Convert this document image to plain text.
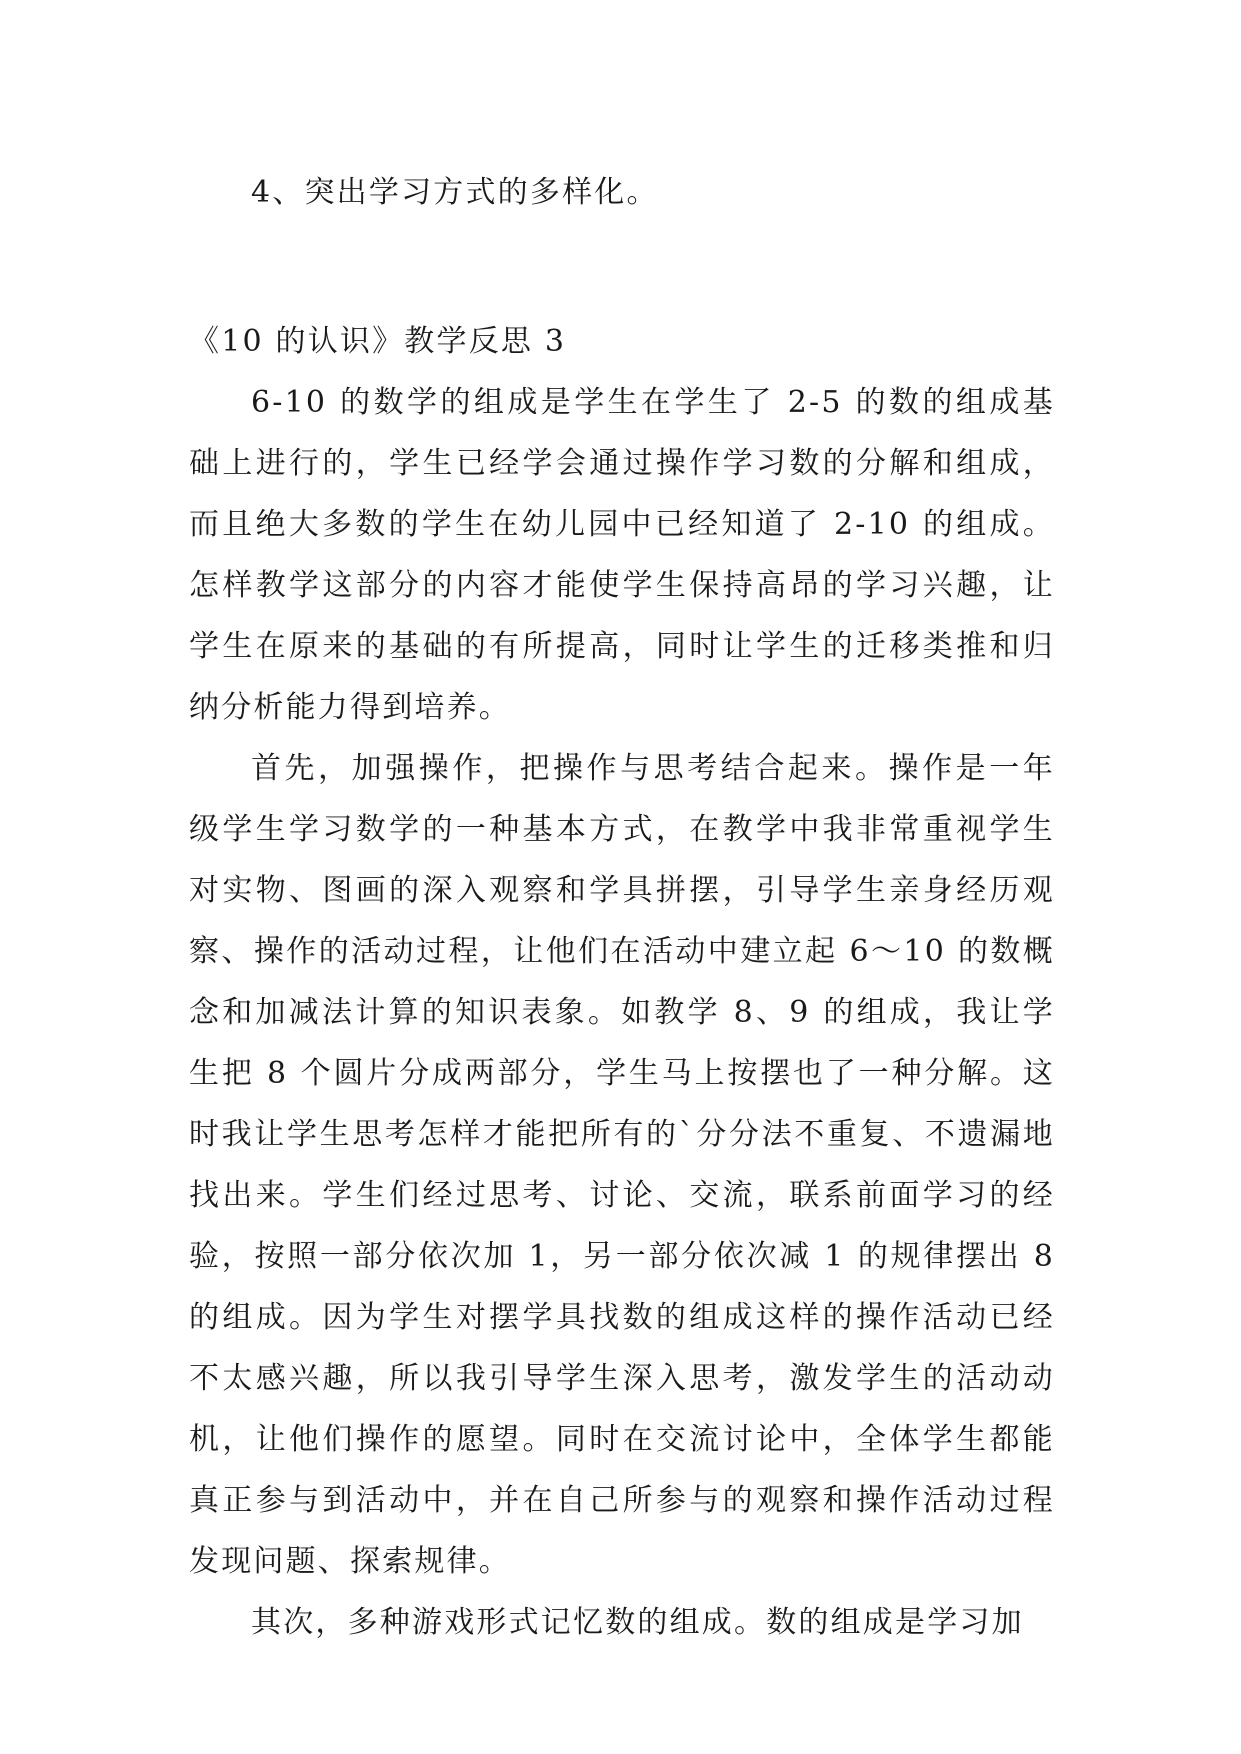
4、突出学习方式的多样化。

《10 的认识》教学反思 3

6-10 的数学的组成是学生在学生了 2-5 的数的组成基础上进行的，学生已经学会通过操作学习数的分解和组成，而且绝大多数的学生在幼儿园中已经知道了 2-10 的组成。怎样教学这部分的内容才能使学生保持高昂的学习兴趣，让学生在原来的基础的有所提高，同时让学生的迁移类推和归纳分析能力得到培养。

首先，加强操作，把操作与思考结合起来。操作是一年级学生学习数学的一种基本方式，在教学中我非常重视学生对实物、图画的深入观察和学具拼摆，引导学生亲身经历观察、操作的活动过程，让他们在活动中建立起 6～10 的数概念和加减法计算的知识表象。如教学 8、9 的组成，我让学生把 8 个圆片分成两部分，学生马上按摆也了一种分解。这时我让学生思考怎样才能把所有的`分分法不重复、不遗漏地找出来。学生们经过思考、讨论、交流，联系前面学习的经验，按照一部分依次加 1，另一部分依次减 1 的规律摆出 8 的组成。因为学生对摆学具找数的组成这样的操作活动已经不太感兴趣，所以我引导学生深入思考，激发学生的活动动机，让他们操作的愿望。同时在交流讨论中，全体学生都能真正参与到活动中，并在自己所参与的观察和操作活动过程发现问题、探索规律。

其次，多种游戏形式记忆数的组成。数的组成是学习加
